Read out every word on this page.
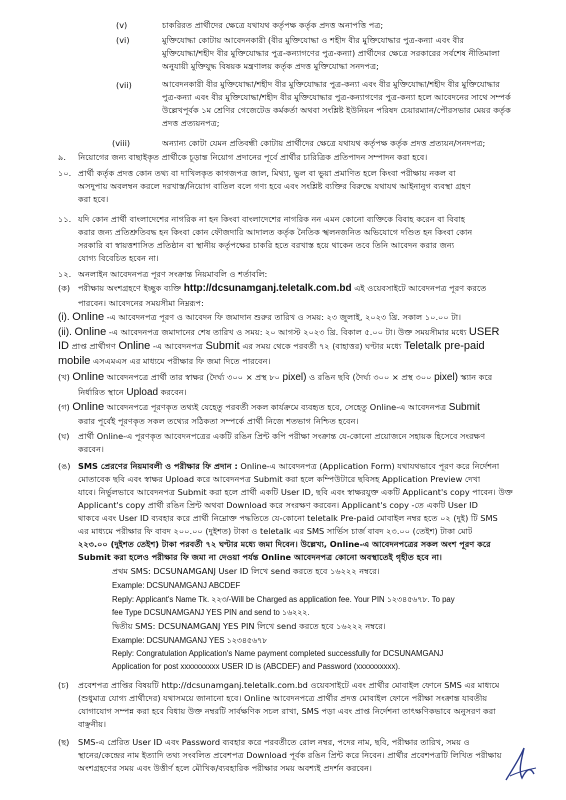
(v)	চাকরিরত প্রার্থীদের ক্ষেত্রে যথাযথ কর্তৃপক্ষ কর্তৃক প্রদত্ত অনাপত্তি পত্র;
(vi)	মুক্তিযোদ্ধা কোটায় আবেদনকারী (বীর মুক্তিযোদ্ধা ও শহীদ বীর মুক্তিযোদ্ধার পুত্র-কন্যা এবং বীর
মুক্তিযোদ্ধা/শহীদ বীর মুক্তিযোদ্ধার পুত্র-কন্যাগণের পুত্র-কন্যা) প্রার্থীদের ক্ষেত্রে সরকারের সর্বশেষ নীতিমালা
অনুযায়ী মুক্তিযুদ্ধ বিষয়ক মন্ত্রণালয় কর্তৃক প্রদত্ত মুক্তিযোদ্ধা সনদপত্র;
(vii)	আবেদনকারী বীর মুক্তিযোদ্ধা/শহীদ বীর মুক্তিযোদ্ধার পুত্র-কন্যা এবং বীর মুক্তিযোদ্ধা/শহীদ বীর মুক্তিযোদ্ধার
পুত্র-কন্যা এবং বীর মুক্তিযোদ্ধা/শহীদ বীর মুক্তিযোদ্ধার পুত্র-কন্যাগণের পুত্র-কন্যা হলে আবেদনের সাথে সম্পর্ক
উল্লেখপূর্বক ১ম শ্রেণির গেজেটেড কর্মকর্তা অথবা সংশ্লিষ্ট ইউনিয়ন পরিষদ চেয়ারম্যান/পৌরসভার মেয়র কর্তৃক
প্রদত্ত প্রত্যয়নপত্র;
(viii)	অন্যান্য কোটা যেমন প্রতিবন্ধী কোটায় প্রার্থীদের ক্ষেত্রে যথাযথ কর্তৃপক্ষ কর্তৃক প্রদত্ত প্রত্যয়ন/সনদপত্র;
৯. নিয়োগের জন্য বাছাইকৃত প্রার্থীকে চূড়ান্ত নিয়োগ প্রদানের পূর্বে প্রার্থীর চারিত্রিক প্রতিপাদন সম্পাদন করা হবে।
১০. প্রার্থী কর্তৃক প্রদত্ত কোন তথ্য বা দাখিলকৃত কাগজপত্র জাল, মিথ্যা, ভুল বা ভুয়া প্রমাণিত হলে কিংবা পরীক্ষায় নকল বা
অসদুপায় অবলম্বন করলে দরখাস্ত/নিয়োগ বাতিল বলে গণ্য হবে এবং সংশ্লিষ্ট ব্যক্তির বিরুদ্ধে যথাযথ আইনানুগ ব্যবস্থা গ্রহণ
করা হবে।
১১. যদি কোন প্রার্থী বাংলাদেশের নাগরিক না হন কিংবা বাংলাদেশের নাগরিক নন এমন কোনো ব্যক্তিকে বিবাহ করেন বা বিবাহ
করার জন্য প্রতিশ্রুতিবদ্ধ হন কিংবা কোন ফৌজদারি আদালত কর্তৃক নৈতিক স্খলনজনিত অভিযোগে দণ্ডিত হন কিংবা কোন
সরকারি বা স্বায়ত্তশাসিত প্রতিষ্ঠান বা স্থানীয় কর্তৃপক্ষের চাকরি হতে বরখাস্ত হয়ে থাকেন তবে তিনি আবেদন করার জন্য
যোগ্য বিবেচিত হবেন না।
১২. অনলাইন আবেদনপত্র পূরণ সংক্রান্ত নিয়মাবলি ও শর্তাবলি:
(ক) পরীক্ষায় অংশগ্রহণে ইচ্ছুক ব্যক্তি http://dcsunamganj.teletalk.com.bd এই ওয়েবসাইটে আবেদনপত্র পূরণ করতে
পারবেন। আবেদনের সময়সীমা নিম্নরূপ:
(i). Online -এ আবেদনপত্র পূরণ ও আবেদন ফি জমাদান শুরুর তারিখ ও সময়: ২৩ জুলাই, ২০২৩ খ্রি. সকাল ১০.০০ টা।
(ii). Online -এ আবেদনপত্র জমাদানের শেষ তারিখ ও সময়: ২০ আগস্ট ২০২৩ খ্রি. বিকাল ৫.০০ টা। উক্ত সময়সীমার মধ্যে USER
ID প্রাপ্ত প্রার্থীগণ Online -এ আবেদনপত্র Submit এর সময় থেকে পরবর্তী ৭২ (বাহাত্তর) ঘণ্টার মধ্যে Teletalk pre-paid
mobile এসএমএস এর মাধ্যমে পরীক্ষার ফি জমা দিতে পারবেন।
(খ) Online আবেদনপত্রে প্রার্থী তার স্বাক্ষর (দৈর্ঘ্য ৩০০ × প্রস্থ ৮০ pixel) ও রঙিন ছবি (দৈর্ঘ্য ৩০০ × প্রস্থ ৩০০ pixel) স্ক্যান করে
নির্ধারিত স্থানে Upload করবেন।
(গ) Online আবেদনপত্রে পূরণকৃত তথ্যই যেহেতু পরবর্তী সকল কার্যক্রমে ব্যবহৃত হবে, সেহেতু Online-এ আবেদনপত্র Submit
করার পূর্বেই পূরণকৃত সকল তথ্যের সঠিকতা সম্পর্কে প্রার্থী নিজে শতভাগ নিশ্চিত হবেন।
(ঘ) প্রার্থী Online-এ পূরণকৃত আবেদনপত্রের একটি রঙিন প্রিন্ট কপি পরীক্ষা সংক্রান্ত যে-কোনো প্রয়োজনে সহায়ক হিসেবে সংরক্ষণ
করবেন।
(ঙ) SMS প্রেরণের নিয়মাবলী ও পরীক্ষার ফি প্রদান : Online-এ আবেদনপত্র (Application Form) যথাযথভাবে পূরণ করে নির্দেশনা
মোতাবেক ছবি এবং স্বাক্ষর Upload করে আবেদনপত্র Submit করা হলে কম্পিউটারে ছবিসহ Application Preview দেখা
যাবে। নির্ভুলভাবে আবেদনপত্র Submit করা হলে প্রার্থী একটি User ID, ছবি এবং স্বাক্ষরযুক্ত একটি Applicant's copy পাবেন। উক্ত
Applicant's copy প্রার্থী রঙিন প্রিন্ট অথবা Download করে সংরক্ষণ করবেন। Applicant's copy -তে একটি User ID
থাকবে এবং User ID ব্যবহার করে প্রার্থী নিম্নোক্ত পদ্ধতিতে যে-কোনো teletalk Pre-paid মোবাইল নম্বর হতে ০২ (দুই) টি SMS
এর মাধ্যমে পরীক্ষার ফি বাবদ ২০০.০০ (দুইশত) টাকা ও teletalk এর SMS সার্ভিস চার্জ বাবদ ২৩.০০ (তেইশ) টাকা মোট
২২৩.০০ (দুইশত তেইশ) টাকা পরবর্তী ৭২ ঘণ্টার মধ্যে জমা দিবেন। উল্লেখ্য, Online-এ আবেদনপত্রের সকল অংশ পূরণ করে
Submit করা হলেও পরীক্ষার ফি জমা না দেওয়া পর্যন্ত Online আবেদনপত্র কোনো অবস্থাতেই গৃহীত হবে না।
প্রথম SMS: DCSUNAMGANJ User ID লিখে send করতে হবে ১৬২২২ নম্বরে।
Example: DCSUNAMGANJ ABCDEF
Reply: Applicant's Name Tk. ২২৩/-Will be Charged as application fee. Your PIN ১২৩৪৫৬৭৮. To pay
fee Type DCSUNAMGANJ YES PIN and send to ১৬২২২.
দ্বিতীয় SMS: DCSUNAMGANJ YES PIN লিখে send করতে হবে ১৬২২২ নম্বরে।
Example: DCSUNAMGANJ YES ১২৩৪৫৬৭৮
Reply: Congratulation Application's Name payment completed successfully for DCSUNAMGANJ
Application for post xxxxxxxxxx USER ID is (ABCDEF) and Password (xxxxxxxxxx).
(চ) প্রবেশপত্র প্রাপ্তির বিষয়টি http://dcsunamganj.teletalk.com.bd ওয়েবসাইটে এবং প্রার্থীর মোবাইল ফোনে SMS এর মাধ্যমে
(শুধুমাত্র যোগ্য প্রার্থীদের) যথাসময়ে জানানো হবে। Online আবেদনপত্রে প্রার্থীর প্রদত্ত মোবাইল ফোনে পরীক্ষা সংক্রান্ত যাবতীয়
যোগাযোগ সম্পন্ন করা হবে বিধায় উক্ত নম্বরটি সার্বক্ষণিক সচল রাখা, SMS পড়া এবং প্রাপ্ত নির্দেশনা তাৎক্ষণিকভাবে অনুসরণ করা
বাঞ্ছনীয়।
(ছ) SMS-এ প্রেরিত User ID এবং Password ব্যবহার করে পরবর্তীতে রোল নম্বর, পদের নাম, ছবি, পরীক্ষার তারিখ, সময় ও
স্থানের/কেন্দ্রের নাম ইত্যাদি তথ্য সংবলিত প্রবেশপত্র Download পূর্বক রঙিন প্রিন্ট করে নিবেন। প্রার্থীর প্রবেশপত্রটি লিখিত পরীক্ষায়
অংশগ্রহণের সময় এবং উত্তীর্ণ হলে মৌখিক/ব্যবহারিক পরীক্ষার সময় অবশ্যই প্রদর্শন করবেন।
